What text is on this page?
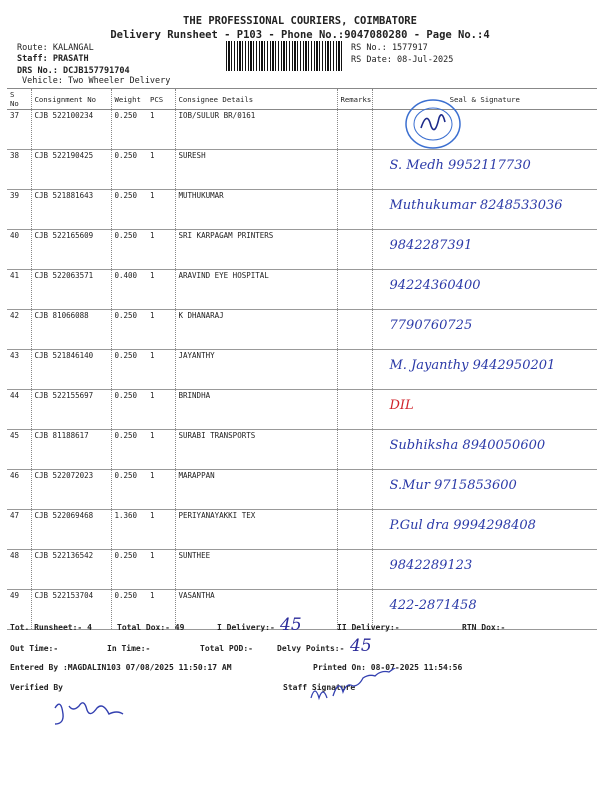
THE PROFESSIONAL COURIERS, COIMBATORE
Delivery Runsheet - P103 - Phone No.:9047080280 - Page No.:4
Route: KALANGAL
Staff: PRASATH
DRS No.: DCJB157791704
Vehicle: Two Wheeler Delivery
RS No.: 1577917
RS Date: 08-Jul-2025
S No	Consignment No	Weight	PCS	Consignee Details	Remarks	Seal & Signature
37	CJB 522100234	0.250	1	IOB/SULUR BR/0161		

38	CJB 522190425	0.250	1	SURESH		S. Medh 9952117730

39	CJB 521881643	0.250	1	MUTHUKUMAR		Muthukumar 8248533036

40	CJB 522165609	0.250	1	SRI KARPAGAM PRINTERS		9842287391

41	CJB 522063571	0.400	1	ARAVIND EYE HOSPITAL		94224360400

42	CJB 81066088	0.250	1	K DHANARAJ		7790760725

43	CJB 521846140	0.250	1	JAYANTHY		M. Jayanthy 9442950201

44	CJB 522155697	0.250	1	BRINDHA		DIL

45	CJB 81188617	0.250	1	SURABI TRANSPORTS		Subhiksha 8940050600

46	CJB 522072023	0.250	1	MARAPPAN		S.Mur 9715853600

47	CJB 522069468	1.360	1	PERIYANAYAKKI TEX		P.Gul dra 9994298408

48	CJB 522136542	0.250	1	SUNTHEE		9842289123

49	CJB 522153704	0.250	1	VASANTHA		422-2871458
Tot. Runsheet:- 4	Total Dox:- 49	I Delivery:- 45	II Delivery:-	RTN Dox:-
Out Time:-	In Time:-	Total POD:-	Delvy Points:- 45
Entered By :MAGDALIN103 07/08/2025 11:50:17 AM	Printed On: 08-07-2025 11:54:56
Verified By	Staff Signature
